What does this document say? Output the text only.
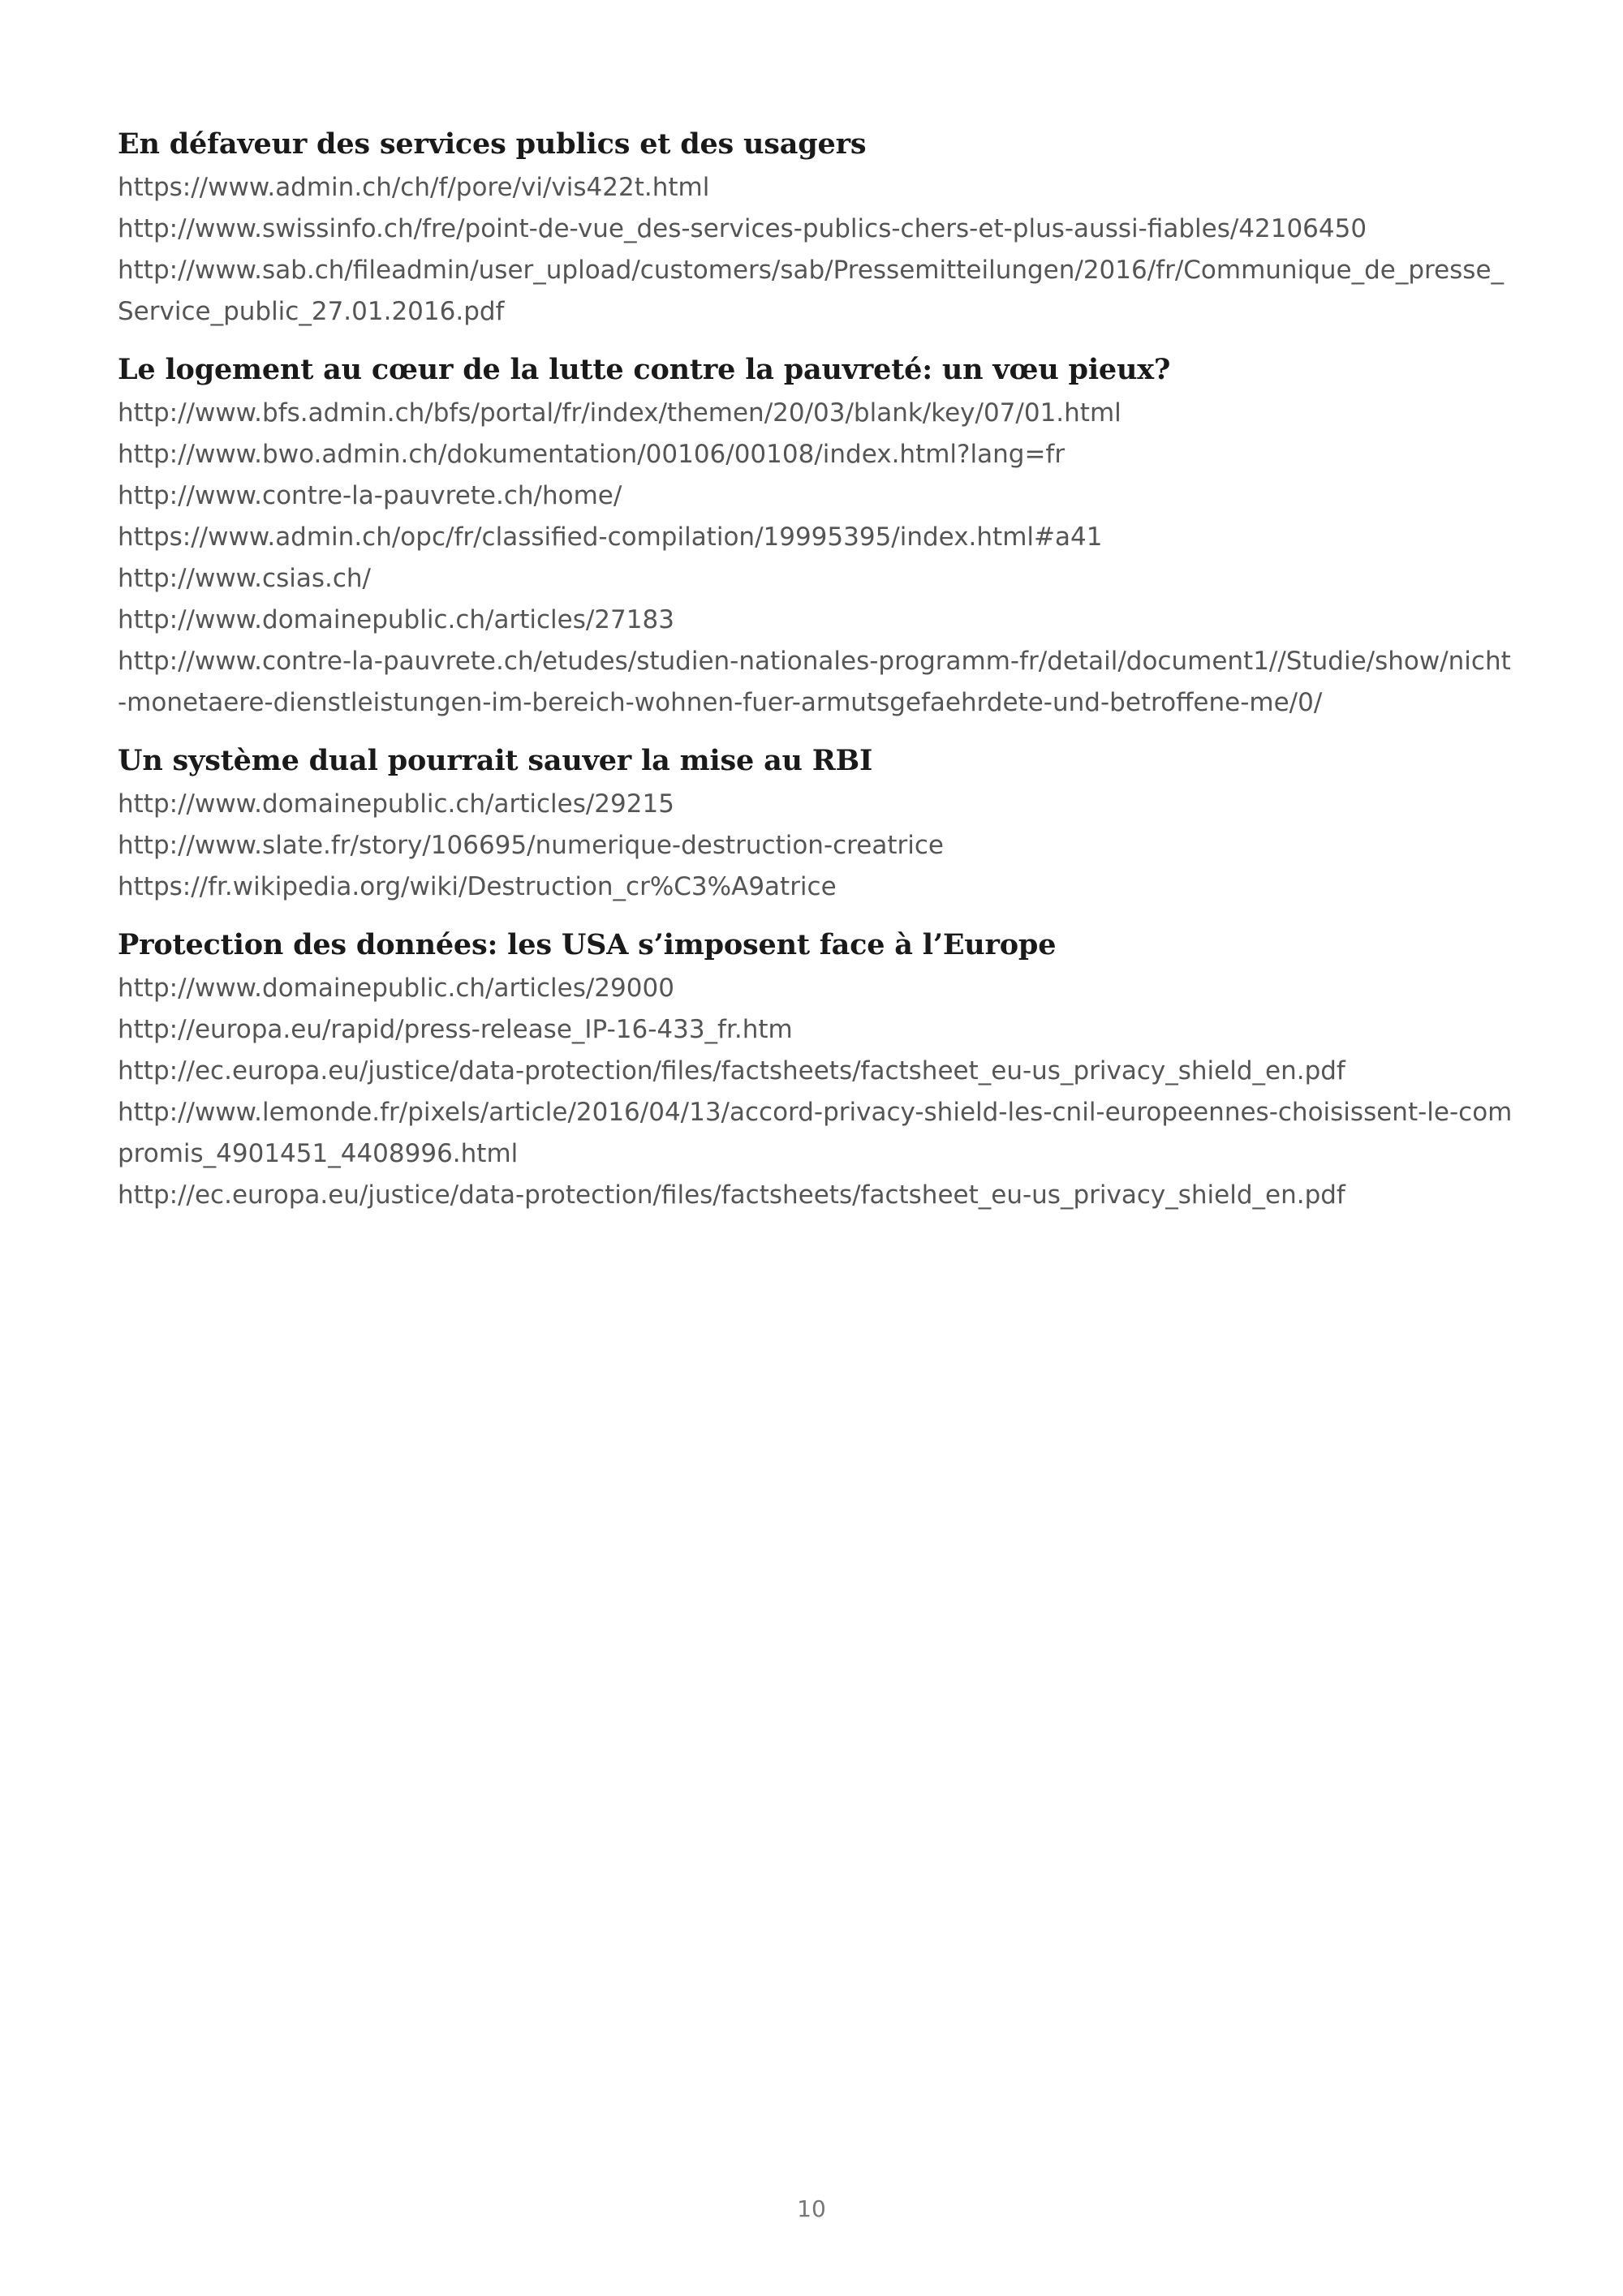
En défaveur des services publics et des usagers
https://www.admin.ch/ch/f/pore/vi/vis422t.html
http://www.swissinfo.ch/fre/point-de-vue_des-services-publics-chers-et-plus-aussi-fiables/42106450
http://www.sab.ch/fileadmin/user_upload/customers/sab/Pressemitteilungen/2016/fr/Communique_de_presse_Service_public_27.01.2016.pdf
Le logement au cœur de la lutte contre la pauvreté: un vœu pieux?
http://www.bfs.admin.ch/bfs/portal/fr/index/themen/20/03/blank/key/07/01.html
http://www.bwo.admin.ch/dokumentation/00106/00108/index.html?lang=fr
http://www.contre-la-pauvrete.ch/home/
https://www.admin.ch/opc/fr/classified-compilation/19995395/index.html#a41
http://www.csias.ch/
http://www.domainepublic.ch/articles/27183
http://www.contre-la-pauvrete.ch/etudes/studien-nationales-programm-fr/detail/document1//Studie/show/nicht-monetaere-dienstleistungen-im-bereich-wohnen-fuer-armutsgefaehrdete-und-betroffene-me/0/
Un système dual pourrait sauver la mise au RBI
http://www.domainepublic.ch/articles/29215
http://www.slate.fr/story/106695/numerique-destruction-creatrice
https://fr.wikipedia.org/wiki/Destruction_cr%C3%A9atrice
Protection des données: les USA s’imposent face à l’Europe
http://www.domainepublic.ch/articles/29000
http://europa.eu/rapid/press-release_IP-16-433_fr.htm
http://ec.europa.eu/justice/data-protection/files/factsheets/factsheet_eu-us_privacy_shield_en.pdf
http://www.lemonde.fr/pixels/article/2016/04/13/accord-privacy-shield-les-cnil-europeennes-choisissent-le-compromis_4901451_4408996.html
http://ec.europa.eu/justice/data-protection/files/factsheets/factsheet_eu-us_privacy_shield_en.pdf
10
